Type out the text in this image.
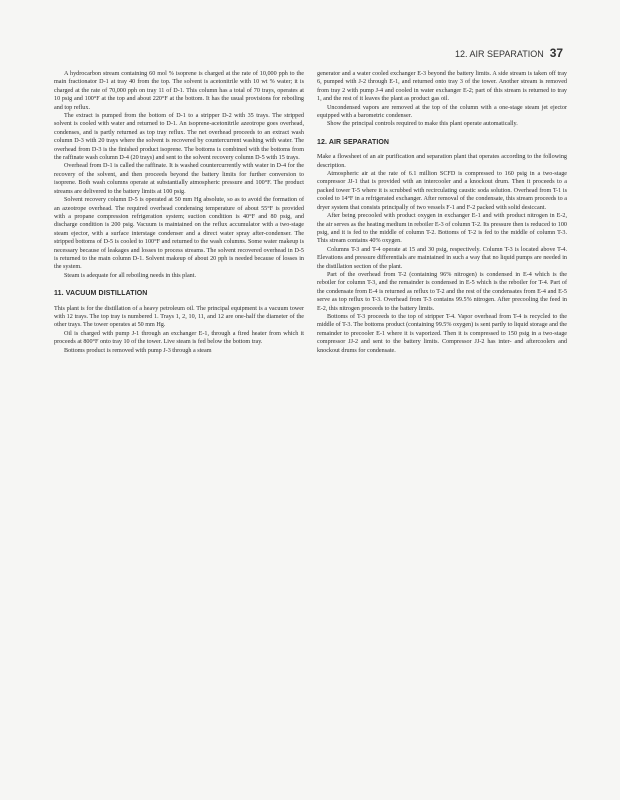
12. AIR SEPARATION 37

A hydrocarbon stream containing 60 mol % isoprene is charged at the rate of 10,000 pph to the main fractionator D-1 at tray 40 from the top. The solvent is acetonitrile with 10 wt % water; it is charged at the rate of 70,000 pph on tray 11 of D-1. This column has a total of 70 trays, operates at 10 psig and 100°F at the top and about 220°F at the bottom. It has the usual provisions for reboiling and top reflux.

The extract is pumped from the bottom of D-1 to a stripper D-2 with 35 trays. The stripped solvent is cooled with water and returned to D-1. An isoprene-acetonitrile azeotrope goes overhead, condenses, and is partly returned as top tray reflux. The net overhead proceeds to an extract wash column D-3 with 20 trays where the solvent is recovered by countercurrent washing with water. The overhead from D-3 is the finished product isoprene. The bottoms is combined with the bottoms from the raffinate wash column D-4 (20 trays) and sent to the solvent recovery column D-5 with 15 trays.

Overhead from D-1 is called the raffinate. It is washed countercurrently with water in D-4 for the recovery of the solvent, and then proceeds beyond the battery limits for further conversion to isoprene. Both wash columns operate at substantially atmospheric pressure and 100°F. The product streams are delivered to the battery limits at 100 psig.

Solvent recovery column D-5 is operated at 50 mm Hg absolute, so as to avoid the formation of an azeotrope overhead. The required overhead condensing temperature of about 55°F is provided with a propane compression refrigeration system; suction condition is 40°F and 80 psig, and discharge condition is 200 psig. Vacuum is maintained on the reflux accumulator with a two-stage steam ejector, with a surface interstage condenser and a direct water spray after-condenser. The stripped bottoms of D-5 is cooled to 100°F and returned to the wash columns. Some water makeup is necessary because of leakages and losses to process streams. The solvent recovered overhead in D-5 is returned to the main column D-1. Solvent makeup of about 20 pph is needed because of losses in the system.

Steam is adequate for all reboiling needs in this plant.

11. VACUUM DISTILLATION

This plant is for the distillation of a heavy petroleum oil. The principal equipment is a vacuum tower with 12 trays. The top tray is numbered 1. Trays 1, 2, 10, 11, and 12 are one-half the diameter of the other trays. The tower operates at 50 mm Hg.

Oil is charged with pump J-1 through an exchanger E-1, through a fired heater from which it proceeds at 800°F onto tray 10 of the tower. Live steam is fed below the bottom tray.

Bottoms product is removed with pump J-3 through a steam

generator and a water cooled exchanger E-3 beyond the battery limits. A side stream is taken off tray 6, pumped with J-2 through E-1, and returned onto tray 3 of the tower. Another stream is removed from tray 2 with pump J-4 and cooled in water exchanger E-2; part of this stream is returned to tray 1, and the rest of it leaves the plant as product gas oil.

Uncondensed vapors are removed at the top of the column with a one-stage steam jet ejector equipped with a barometric condenser.

Show the principal controls required to make this plant operate automatically.

12. AIR SEPARATION

Make a flowsheet of an air purification and separation plant that operates according to the following description.

Atmospheric air at the rate of 6.1 million SCFD is compressed to 160 psig in a two-stage compressor JJ-1 that is provided with an intercooler and a knockout drum. Then it proceeds to a packed tower T-5 where it is scrubbed with recirculating caustic soda solution. Overhead from T-1 is cooled to 14°F in a refrigerated exchanger. After removal of the condensate, this stream proceeds to a dryer system that consists principally of two vessels F-1 and F-2 packed with solid desiccant.

After being precooled with product oxygen in exchanger E-1 and with product nitrogen in E-2, the air serves as the heating medium in reboiler E-3 of column T-2. Its pressure then is reduced to 100 psig, and it is fed to the middle of column T-2. Bottoms of T-2 is fed to the middle of column T-3. This stream contains 40% oxygen.

Columns T-3 and T-4 operate at 15 and 30 psig, respectively. Column T-3 is located above T-4. Elevations and pressure differentials are maintained in such a way that no liquid pumps are needed in the distillation section of the plant.

Part of the overhead from T-2 (containing 96% nitrogen) is condensed in E-4 which is the reboiler for column T-3, and the remainder is condensed in E-5 which is the reboiler for T-4. Part of the condensate from E-4 is returned as reflux to T-2 and the rest of the condensates from E-4 and E-5 serve as top reflux to T-3. Overhead from T-3 contains 99.5% nitrogen. After precooling the feed in E-2, this nitrogen proceeds to the battery limits.

Bottoms of T-3 proceeds to the top of stripper T-4. Vapor overhead from T-4 is recycled to the middle of T-3. The bottoms product (containing 99.5% oxygen) is sent partly to liquid storage and the remainder to precooler E-1 where it is vaporized. Then it is compressed to 150 psig in a two-stage compressor JJ-2 and sent to the battery limits. Compressor JJ-2 has inter- and aftercoolers and knockout drums for condensate.
